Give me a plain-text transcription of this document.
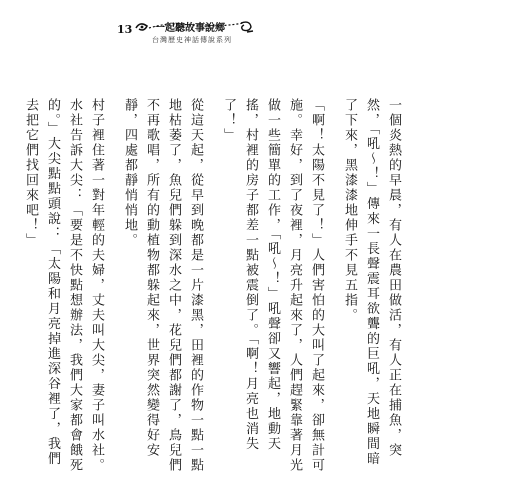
13 一起聽故事說鄉
台灣歷史神話傳說系列

一個炎熱的早晨，有人在農田做活，有人正在捕魚，突然，「吼～！」傳來一長聲震耳欲聾的巨吼，天地瞬間暗了下來，黑漆漆地伸手不見五指。

「啊！太陽不見了！」人們害怕的大叫了起來，卻無計可施。幸好，到了夜裡，月亮升起來了，人們趕緊靠著月光做一些簡單的工作，「吼～！」吼聲卻又響起，地動天搖，村裡的房子都差一點被震倒了。「啊！月亮也消失了！」

從這天起，從早到晚都是一片漆黑，田裡的作物一點一點地枯萎了，魚兒們躲到深水之中，花兒們都謝了，鳥兒們不再歌唱，所有的動植物都躲起來，世界突然變得好安靜，四處都靜悄悄地。

村子裡住著一對年輕的夫婦，丈夫叫大尖，妻子叫水社。水社告訴大尖：「要是不快點想辦法，我們大家都會餓死的。」大尖點點頭說：「太陽和月亮掉進深谷裡了，我們去把它們找回來吧！」
